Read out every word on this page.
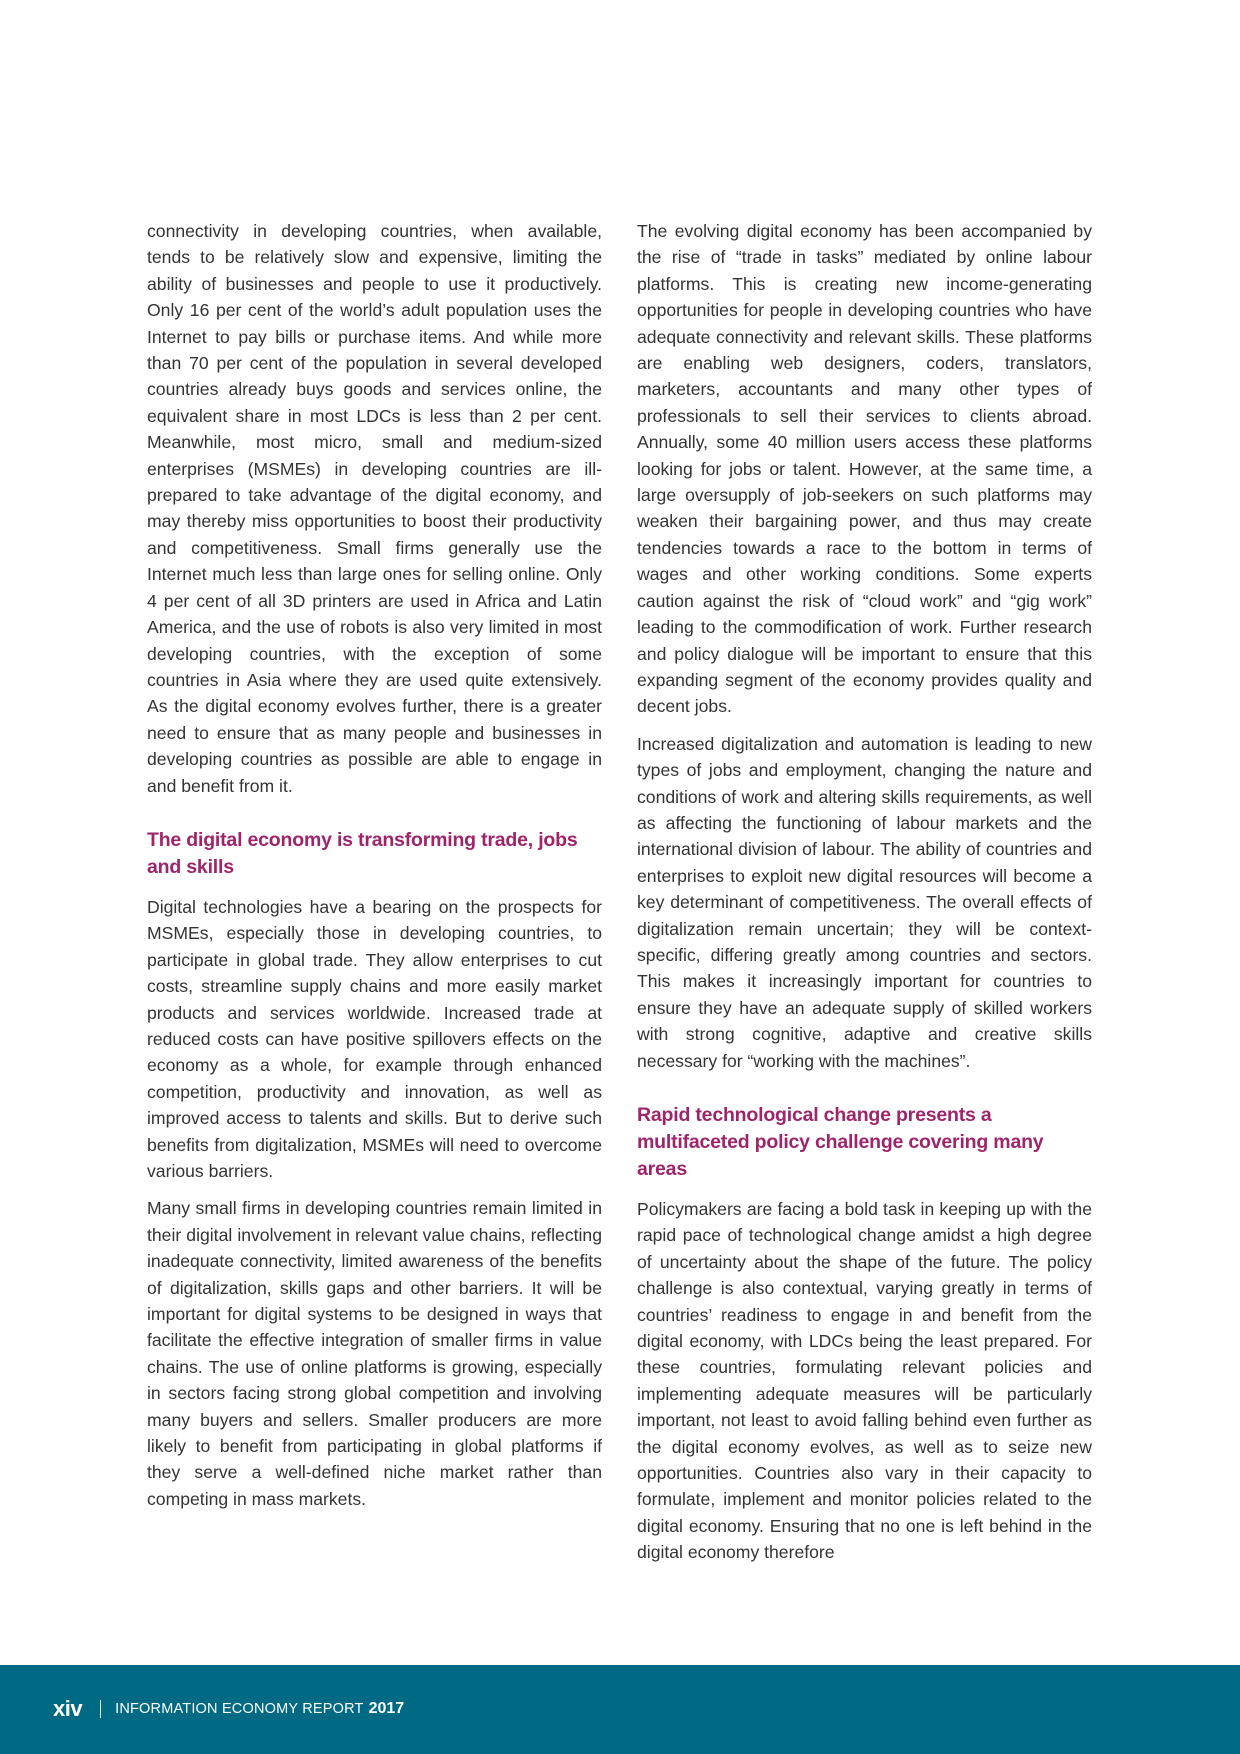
connectivity in developing countries, when available, tends to be relatively slow and expensive, limiting the ability of businesses and people to use it productively. Only 16 per cent of the world’s adult population uses the Internet to pay bills or purchase items. And while more than 70 per cent of the population in several developed countries already buys goods and services online, the equivalent share in most LDCs is less than 2 per cent. Meanwhile, most micro, small and medium-sized enterprises (MSMEs) in developing countries are ill-prepared to take advantage of the digital economy, and may thereby miss opportunities to boost their productivity and competitiveness. Small firms generally use the Internet much less than large ones for selling online. Only 4 per cent of all 3D printers are used in Africa and Latin America, and the use of robots is also very limited in most developing countries, with the exception of some countries in Asia where they are used quite extensively. As the digital economy evolves further, there is a greater need to ensure that as many people and businesses in developing countries as possible are able to engage in and benefit from it.

The digital economy is transforming trade, jobs and skills

Digital technologies have a bearing on the prospects for MSMEs, especially those in developing countries, to participate in global trade. They allow enterprises to cut costs, streamline supply chains and more easily market products and services worldwide. Increased trade at reduced costs can have positive spillovers effects on the economy as a whole, for example through enhanced competition, productivity and innovation, as well as improved access to talents and skills. But to derive such benefits from digitalization, MSMEs will need to overcome various barriers.

Many small firms in developing countries remain limited in their digital involvement in relevant value chains, reflecting inadequate connectivity, limited awareness of the benefits of digitalization, skills gaps and other barriers. It will be important for digital systems to be designed in ways that facilitate the effective integration of smaller firms in value chains. The use of online platforms is growing, especially in sectors facing strong global competition and involving many buyers and sellers. Smaller producers are more likely to benefit from participating in global platforms if they serve a well-defined niche market rather than competing in mass markets.

The evolving digital economy has been accompanied by the rise of “trade in tasks” mediated by online labour platforms. This is creating new income-generating opportunities for people in developing countries who have adequate connectivity and relevant skills. These platforms are enabling web designers, coders, translators, marketers, accountants and many other types of professionals to sell their services to clients abroad. Annually, some 40 million users access these platforms looking for jobs or talent. However, at the same time, a large oversupply of job-seekers on such platforms may weaken their bargaining power, and thus may create tendencies towards a race to the bottom in terms of wages and other working conditions. Some experts caution against the risk of “cloud work” and “gig work” leading to the commodification of work. Further research and policy dialogue will be important to ensure that this expanding segment of the economy provides quality and decent jobs.

Increased digitalization and automation is leading to new types of jobs and employment, changing the nature and conditions of work and altering skills requirements, as well as affecting the functioning of labour markets and the international division of labour. The ability of countries and enterprises to exploit new digital resources will become a key determinant of competitiveness. The overall effects of digitalization remain uncertain; they will be context-specific, differing greatly among countries and sectors. This makes it increasingly important for countries to ensure they have an adequate supply of skilled workers with strong cognitive, adaptive and creative skills necessary for “working with the machines”.

Rapid technological change presents a multifaceted policy challenge covering many areas

Policymakers are facing a bold task in keeping up with the rapid pace of technological change amidst a high degree of uncertainty about the shape of the future. The policy challenge is also contextual, varying greatly in terms of countries’ readiness to engage in and benefit from the digital economy, with LDCs being the least prepared. For these countries, formulating relevant policies and implementing adequate measures will be particularly important, not least to avoid falling behind even further as the digital economy evolves, as well as to seize new opportunities. Countries also vary in their capacity to formulate, implement and monitor policies related to the digital economy. Ensuring that no one is left behind in the digital economy therefore

xiv INFORMATION ECONOMY REPORT 2017
